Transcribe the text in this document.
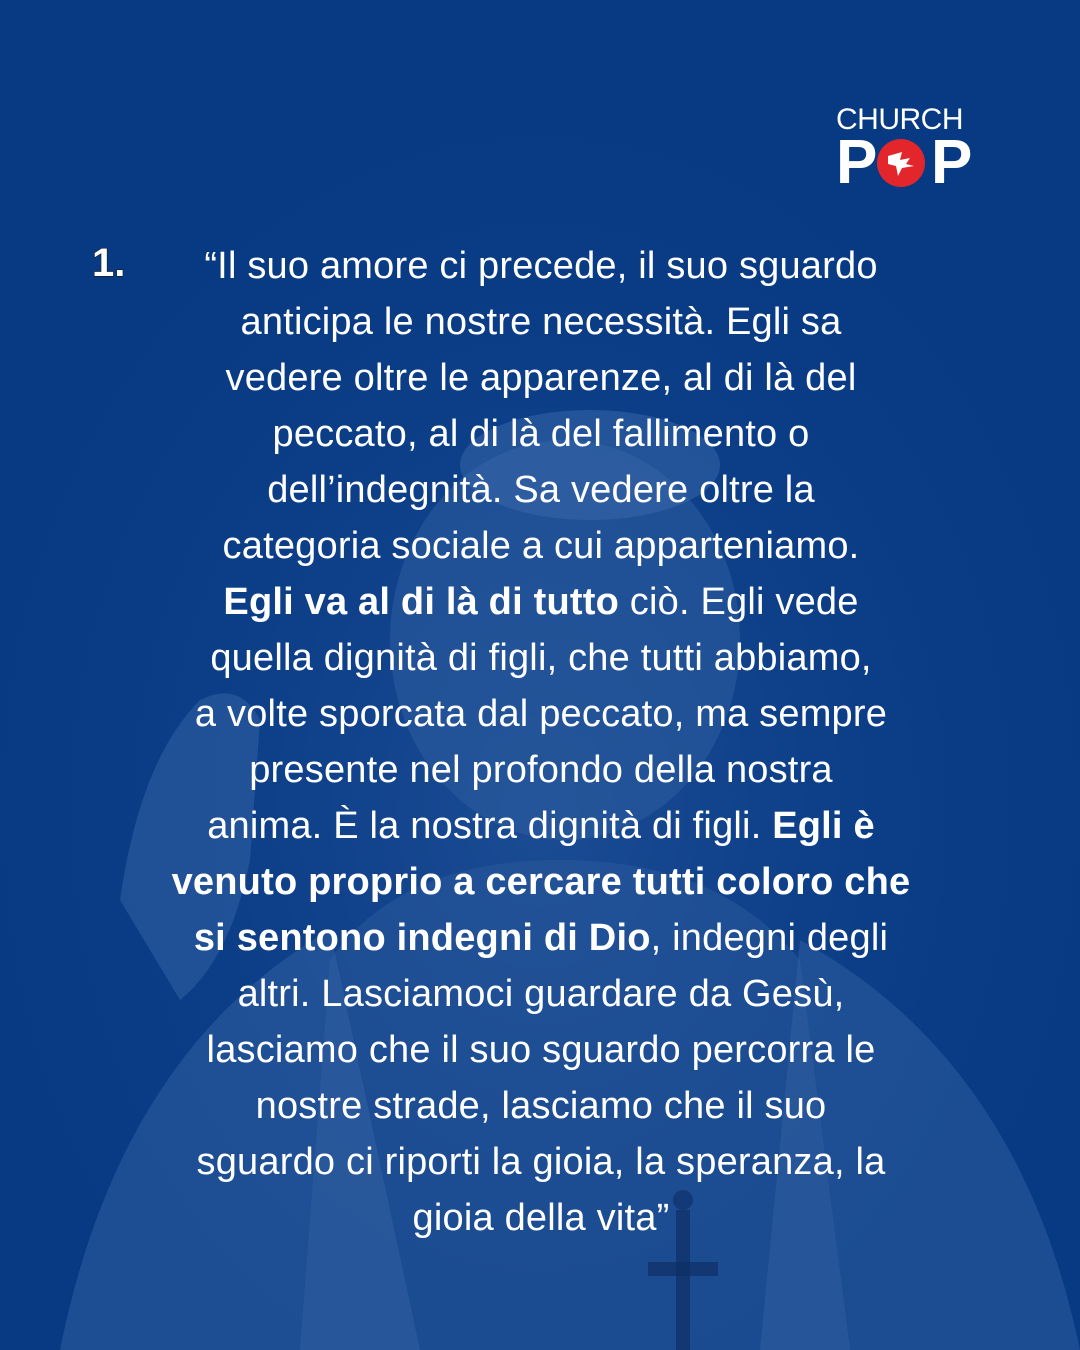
CHURCH
P P
1.	“Il suo amore ci precede, il suo sguardo
anticipa le nostre necessità. Egli sa
vedere oltre le apparenze, al di là del
peccato, al di là del fallimento o
dell’indegnità. Sa vedere oltre la
categoria sociale a cui apparteniamo.
Egli va al di là di tutto ciò. Egli vede
quella dignità di figli, che tutti abbiamo,
a volte sporcata dal peccato, ma sempre
presente nel profondo della nostra
anima. È la nostra dignità di figli. Egli è
venuto proprio a cercare tutti coloro che
si sentono indegni di Dio, indegni degli
altri. Lasciamoci guardare da Gesù,
lasciamo che il suo sguardo percorra le
nostre strade, lasciamo che il suo
sguardo ci riporti la gioia, la speranza, la
gioia della vita”
